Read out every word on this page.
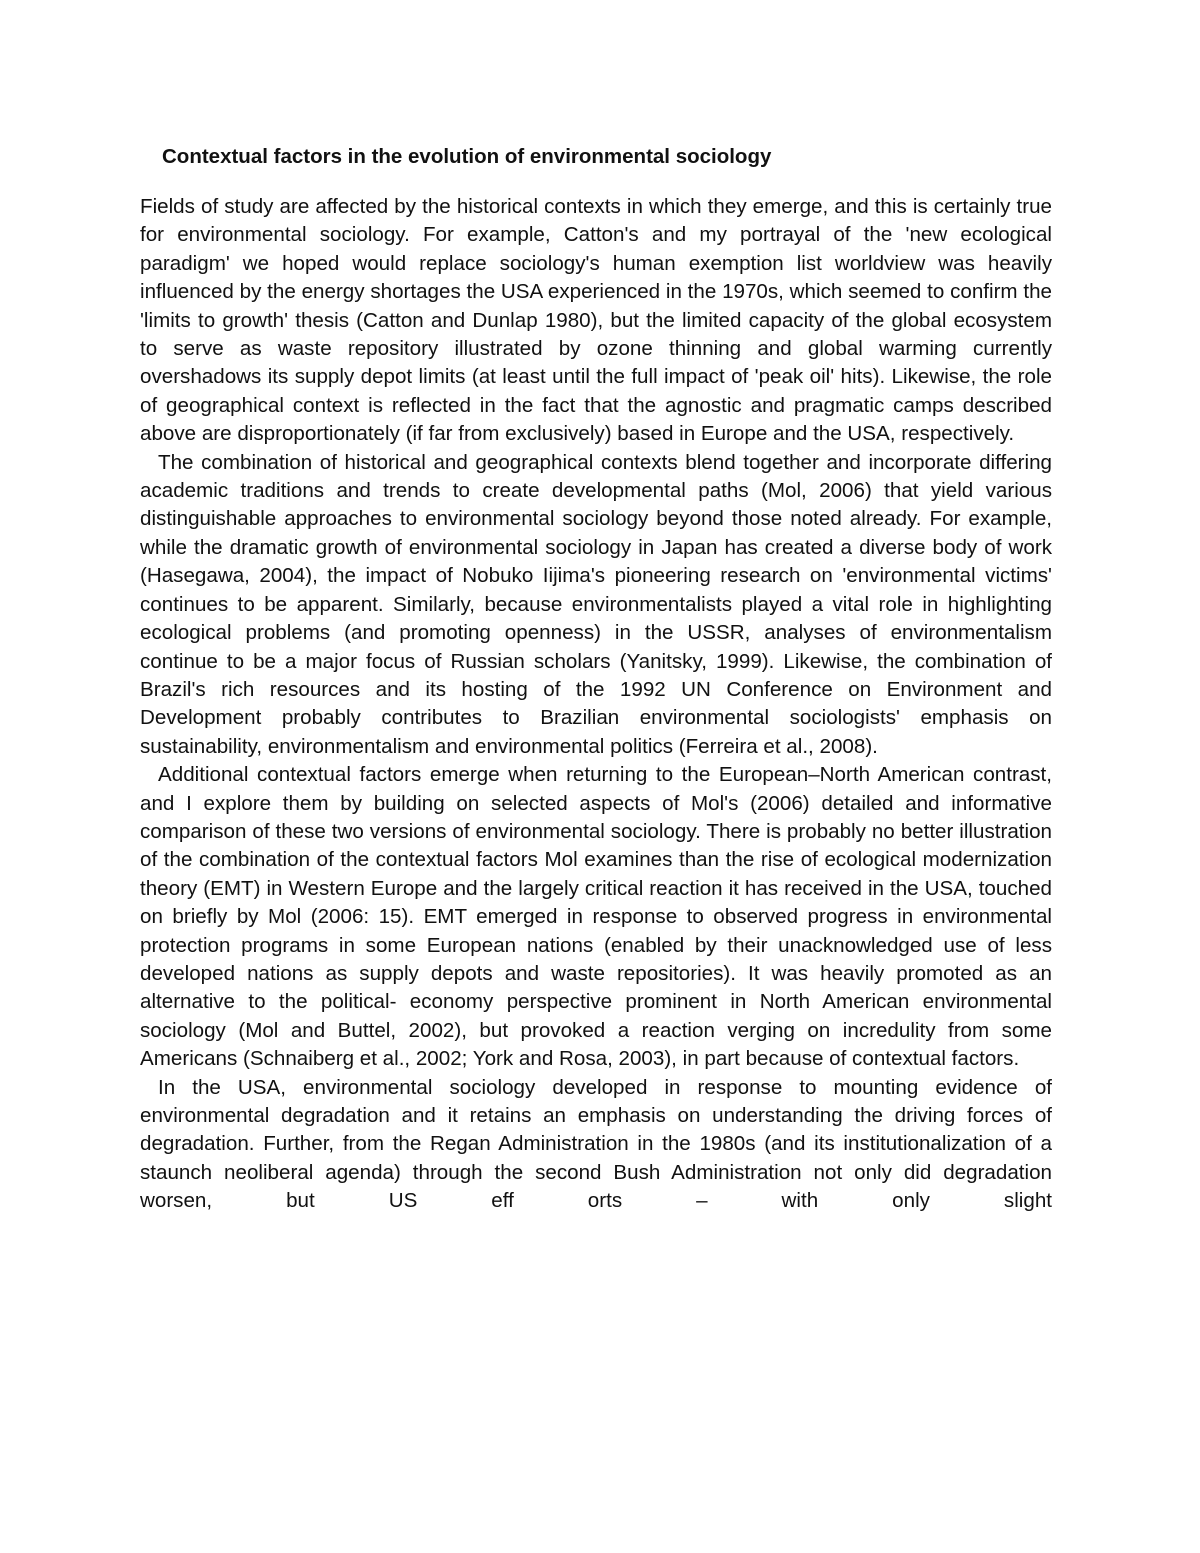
Contextual factors in the evolution of environmental sociology

Fields of study are affected by the historical contexts in which they emerge, and this is certainly true for environmental sociology. For example, Catton's and my portrayal of the 'new ecological paradigm' we hoped would replace sociology's human exemption list worldview was heavily influenced by the energy shortages the USA experienced in the 1970s, which seemed to confirm the 'limits to growth' thesis (Catton and Dunlap 1980), but the limited capacity of the global ecosystem to serve as waste repository illustrated by ozone thinning and global warming currently overshadows its supply depot limits (at least until the full impact of 'peak oil' hits). Likewise, the role of geographical context is reflected in the fact that the agnostic and pragmatic camps described above are disproportionately (if far from exclusively) based in Europe and the USA, respectively.

The combination of historical and geographical contexts blend together and incorporate differing academic traditions and trends to create developmental paths (Mol, 2006) that yield various distinguishable approaches to environmental sociology beyond those noted already. For example, while the dramatic growth of environmental sociology in Japan has created a diverse body of work (Hasegawa, 2004), the impact of Nobuko Iijima's pioneering research on 'environmental victims' continues to be apparent. Similarly, because environmentalists played a vital role in highlighting ecological problems (and promoting openness) in the USSR, analyses of environmentalism continue to be a major focus of Russian scholars (Yanitsky, 1999). Likewise, the combination of Brazil's rich resources and its hosting of the 1992 UN Conference on Environment and Development probably contributes to Brazilian environmental sociologists' emphasis on sustainability, environmentalism and environmental politics (Ferreira et al., 2008).

Additional contextual factors emerge when returning to the European–North American contrast, and I explore them by building on selected aspects of Mol's (2006) detailed and informative comparison of these two versions of environmental sociology. There is probably no better illustration of the combination of the contextual factors Mol examines than the rise of ecological modernization theory (EMT) in Western Europe and the largely critical reaction it has received in the USA, touched on briefly by Mol (2006: 15). EMT emerged in response to observed progress in environmental protection programs in some European nations (enabled by their unacknowledged use of less developed nations as supply depots and waste repositories). It was heavily promoted as an alternative to the political- economy perspective prominent in North American environmental sociology (Mol and Buttel, 2002), but provoked a reaction verging on incredulity from some Americans (Schnaiberg et al., 2002; York and Rosa, 2003), in part because of contextual factors.

In the USA, environmental sociology developed in response to mounting evidence of environmental degradation and it retains an emphasis on understanding the driving forces of degradation. Further, from the Regan Administration in the 1980s (and its institutionalization of a staunch neoliberal agenda) through the second Bush Administration not only did degradation worsen, but US eff orts – with only slight
